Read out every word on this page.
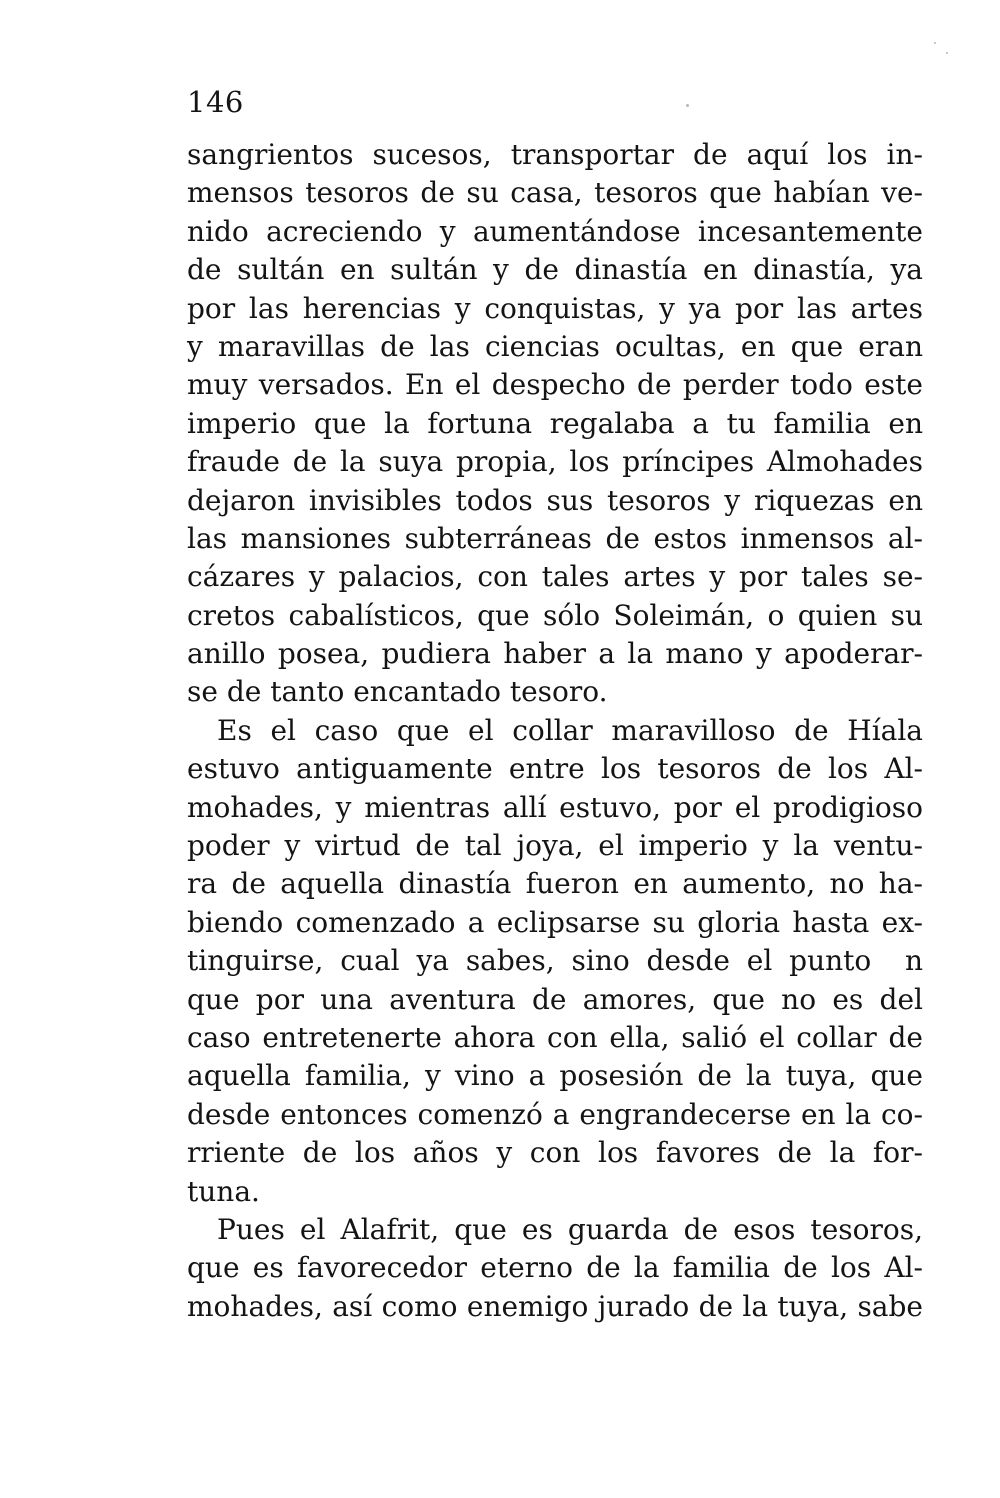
146
sangrientos sucesos, transportar de aquí los in-
mensos tesoros de su casa, tesoros que habían ve-
nido acreciendo y aumentándose incesantemente
de sultán en sultán y de dinastía en dinastía, ya
por las herencias y conquistas, y ya por las artes
y maravillas de las ciencias ocultas, en que eran
muy versados. En el despecho de perder todo este
imperio que la fortuna regalaba a tu familia en
fraude de la suya propia, los príncipes Almohades
dejaron invisibles todos sus tesoros y riquezas en
las mansiones subterráneas de estos inmensos al-
cázares y palacios, con tales artes y por tales se-
cretos cabalísticos, que sólo Soleimán, o quien su
anillo posea, pudiera haber a la mano y apoderar-
se de tanto encantado tesoro.
Es el caso que el collar maravilloso de Híala
estuvo antiguamente entre los tesoros de los Al-
mohades, y mientras allí estuvo, por el prodigioso
poder y virtud de tal joya, el imperio y la ventu-
ra de aquella dinastía fueron en aumento, no ha-
biendo comenzado a eclipsarse su gloria hasta ex-
tinguirse, cual ya sabes, sino desde el punto  n
que por una aventura de amores, que no es del
caso entretenerte ahora con ella, salió el collar de
aquella familia, y vino a posesión de la tuya, que
desde entonces comenzó a engrandecerse en la co-
rriente de los años y con los favores de la for-
tuna.
Pues el Alafrit, que es guarda de esos tesoros,
que es favorecedor eterno de la familia de los Al-
mohades, así como enemigo jurado de la tuya, sabe
